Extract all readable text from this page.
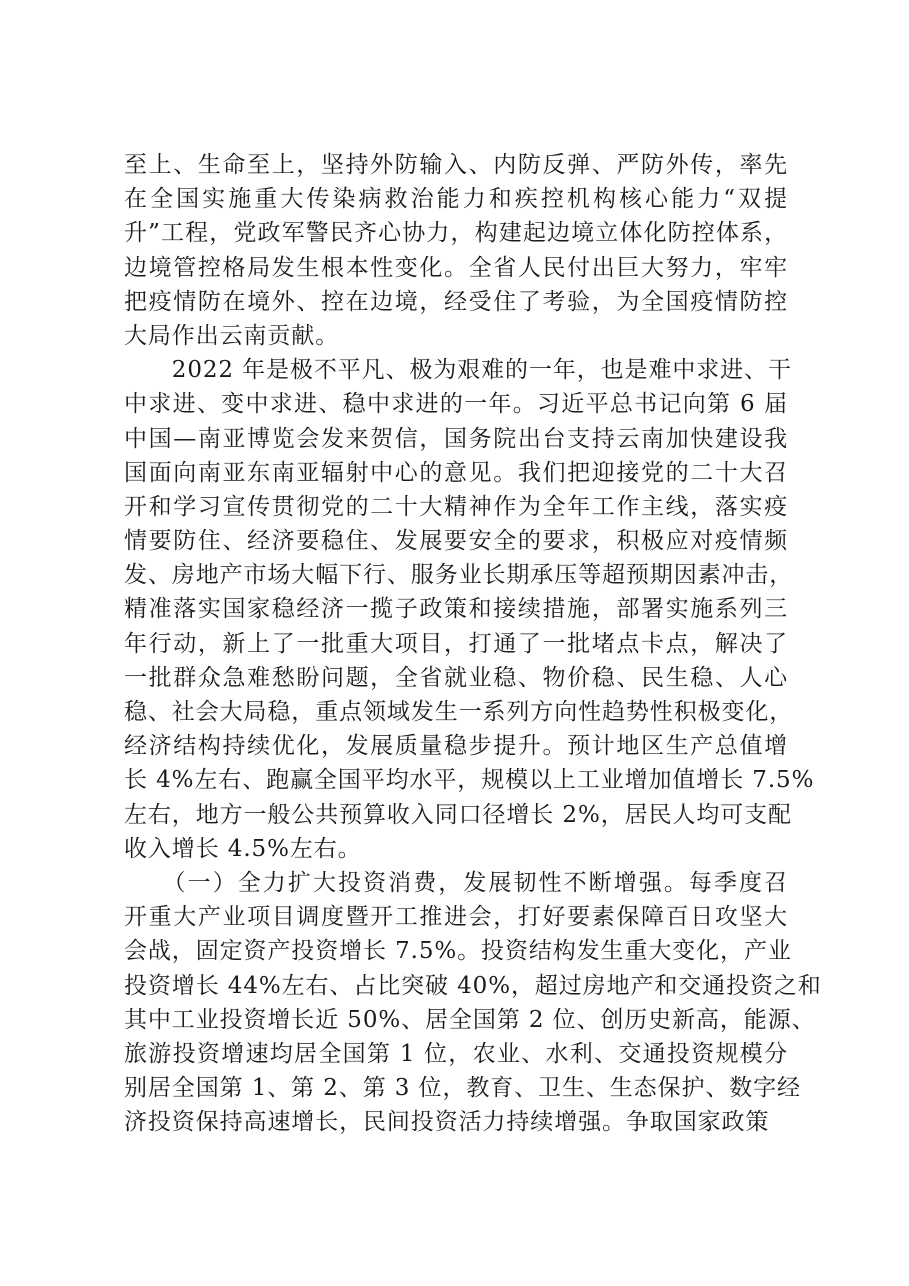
至上、生命至上，坚持外防输入、内防反弹、严防外传，率先
在全国实施重大传染病救治能力和疾控机构核心能力“双提
升”工程，党政军警民齐心协力，构建起边境立体化防控体系，
边境管控格局发生根本性变化。全省人民付出巨大努力，牢牢
把疫情防在境外、控在边境，经受住了考验，为全国疫情防控
大局作出云南贡献。
　　2022 年是极不平凡、极为艰难的一年，也是难中求进、干
中求进、变中求进、稳中求进的一年。习近平总书记向第 6 届
中国—南亚博览会发来贺信，国务院出台支持云南加快建设我
国面向南亚东南亚辐射中心的意见。我们把迎接党的二十大召
开和学习宣传贯彻党的二十大精神作为全年工作主线，落实疫
情要防住、经济要稳住、发展要安全的要求，积极应对疫情频
发、房地产市场大幅下行、服务业长期承压等超预期因素冲击，
精准落实国家稳经济一揽子政策和接续措施，部署实施系列三
年行动，新上了一批重大项目，打通了一批堵点卡点，解决了
一批群众急难愁盼问题，全省就业稳、物价稳、民生稳、人心
稳、社会大局稳，重点领域发生一系列方向性趋势性积极变化，
经济结构持续优化，发展质量稳步提升。预计地区生产总值增
长 4%左右、跑赢全国平均水平，规模以上工业增加值增长 7.5%
左右，地方一般公共预算收入同口径增长 2%，居民人均可支配
收入增长 4.5%左右。
　　（一）全力扩大投资消费，发展韧性不断增强。每季度召
开重大产业项目调度暨开工推进会，打好要素保障百日攻坚大
会战，固定资产投资增长 7.5%。投资结构发生重大变化，产业
投资增长 44%左右、占比突破 40%，超过房地产和交通投资之和
其中工业投资增长近 50%、居全国第 2 位、创历史新高，能源、
旅游投资增速均居全国第 1 位，农业、水利、交通投资规模分
别居全国第 1、第 2、第 3 位，教育、卫生、生态保护、数字经
济投资保持高速增长，民间投资活力持续增强。争取国家政策
